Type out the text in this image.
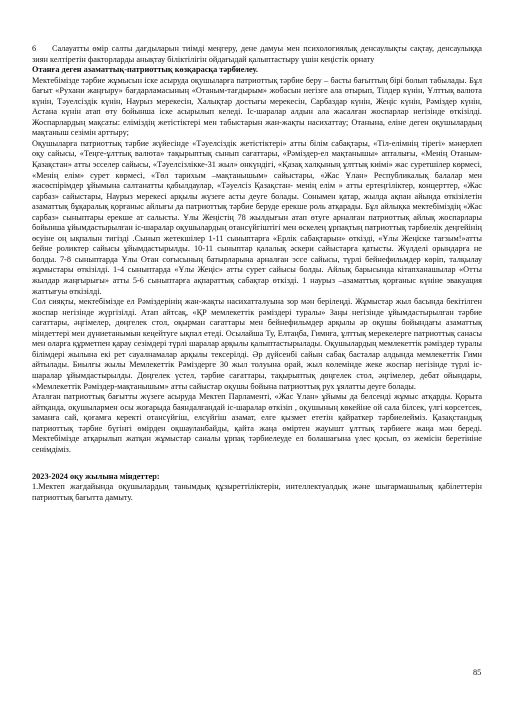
6 Салауатты өмір салты дағдыларын тиімді меңгеру, дене дамуы мен психологиялық денсаулықты сақтау, денсаулыққа зиян келтіретін факторларды анықтау біліктілігін ойдағыдай қалыптастыру үшін кеңістік орнату

Отанға деген азаматтық-патриоттық көзқарасқа тәрбиелеу.

Мектебімізде тәрбие жұмысын іске асыруда оқушыларға патриоттық тәрбие беру – басты бағыттың бірі болып табылады. Бұл бағыт «Рухани жаңғыру» бағдарламасының «Отаным-тағдырым» жобасын негізге ала отырып, Тілдер күнін, Ұлттық валюта күнін, Тәуелсіздік күнін, Наурыз мерекесін, Халықтар достығы мерекесін, Сарбаздар күнін, Жеңіс күнін, Рәміздер күнін, Астана күнін атап өту бойынша іске асырылып келеді. Іс-шаралар алдын ала жасалған жоспарлар негізінде өткізілді. Жоспарлардың мақсаты: еліміздің жетістіктері мен табыстарын жан-жақты насихаттау; Отанына, еліне деген оқушылардың мақтаныш сезімін арттыру;

Оқушыларға патриоттық тәрбие жүйесінде «Тәуелсіздік жетістіктері» атты білім сабақтары, «Тіл-елімнің тірегі» мәнерлеп оқу сайысы, «Теңге-ұлттық валюта» тақырыптық сынып сағаттары, «Рәміздер-ел мақтанышы» апталығы, «Менің Отаным-Қазақстан» атты эсселер сайысы, «Тәуелсізлікке-31 жыл» онкүндігі, «Қазақ халқының ұлттық киімі» жас суретшілер көрмесі, «Менің елім» сурет көрмесі, «Төл тарихым –мақтанышым» сайыстары, «Жас Ұлан» Республикалық балалар мен жасөспірімдер ұйымына салтанатты қабылдаулар, «Тәуелсіз Қазақстан- менің елім » атты ертеңгіліктер, концерттер, «Жас сарбаз» сайыстары, Наурыз мерекесі арқылы жүзеге асты деуге болады. Сонымен қатар, жылда ақпан айында өткізілетін азаматтық бұқаралық қорғаныс айлығы да патриоттық тәрбие беруде ерекше роль атқарады. Бұл айлықка мектебіміздің «Жас сарбаз» сыныптары ерекше ат салысты. Ұлы Жеңістің 78 жылдығын атап өтуге арналған патриоттық айлық жоспарлары бойынша ұйымдастырылған іс-шаралар оқушылардың отансүйгіштігі мен өскелең ұрпақтың патриоттық тәрбиелік деңгейінің өсуіне оң ықпалын тигізді .Сынып жетекшілер 1-11 сыныптарға «Ерлік сабақтарын» өткізді, «Ұлы Жеңіске тағзым!»атты бейне роликтер сайысы ұйымдастырылды. 10-11 сыныптар қалалық әскери сайыстарға қатысты. Жүлделі орындарға не болды. 7-8 сыныптарда Ұлы Отан соғысының батырларына арналған эссе сайысы, түрлі бейнефильмдер көріп, талқылау жұмыстары өткізілді. 1-4 сыныптарда «Ұлы Жеңіс» атты сурет сайысы болды. Айлық барысында кітапханашылар «Отты жылдар жаңғырығы» атты 5-6 сыныптарға ақпараттық сабақтар өткізді. 1 наурыз –азаматтық қорғаныс күніне эвакуация жаттығуы өткізілді.

Сол сияқты, мектебімізде ел Рәміздерінің жан-жақты насихатталуына зор мән берілеңді. Жұмыстар жыл басында бекітілген жоспар негізінде жүргізілді. Атап айтсақ, «ҚР мемлекеттік рәміздері туралы» Заңы негізінде ұйымдастырылған тәрбие сағаттары, әңгімелер, дөңгелек стол, оқырман сағаттары мен бейнефильмдер арқылы әр оқушы бойындағы азаматтық міндеттері мен дүниетанымын кеңейтуге ықпал етеді. Осылайша Ту, Елтаңба, Гимнға, ұлттық мерекелерге патриоттық санасы мен оларға құрметпен қарау сезімдері түрлі шаралар арқылы қалыптастырылады. Оқушылардың мемлекеттік рәміздер туралы білімдері жылына екі рет сауалнамалар арқылы тексерілді. Әр дүйсенбі сайын сабақ басталар алдында мемлекеттік Гимн айтылады. Биылғы жылы Мемлекеттік Рәміздерге 30 жыл толуына орай, жыл көлемінде жеке жоспар негізінде түрлі іс-шаралар ұйымдастырылды. Дөңгелек үстел, тәрбие сағаттары, тақырыптық дөңгелек стол, әңгімелер, дебат ойындары, «Мемлекеттік Рәміздер-мақтанышым» атты сайыстар оқушы бойына патриоттық рух ұялатты деуге болады.

Аталған патриоттық бағытты жүзеге асыруда Мектеп Парламенті, «Жас Ұлан» ұйымы да белсенді жұмыс атқарды. Қорыта айтқанда, оқушылармен осы жоғарыда баяндалғандай іс-шаралар өткізіп , оқушының көкейіне ой сала білсек, үлгі көрсетсек, заманға сай, қоғамға керекті отансүйгіш, елсүйгіш азамат, елге қызмет ететін қайраткер тәрбиелейміз. Қазақстандық патриоттық тәрбие бүгінгі өмірден оқшауланбайды, қайта жаңа өміртен жауышт ұлттық тәрбиеге жаңа мән береді. Мектебімізде атқарылып жатқан жұмыстар саналы ұрпақ тәрбиелеуде ел болашағына үлес қосып, өз жемісін беретініне сенімдіміз.

2023-2024 оқу жылына міндеттер:

1.Мектеп жағдайында оқушылардың танымдық құзыреттіліктерін, интеллектуалдық және шығармашылық қабілеттерін патриоттық бағытта дамыту.

85
